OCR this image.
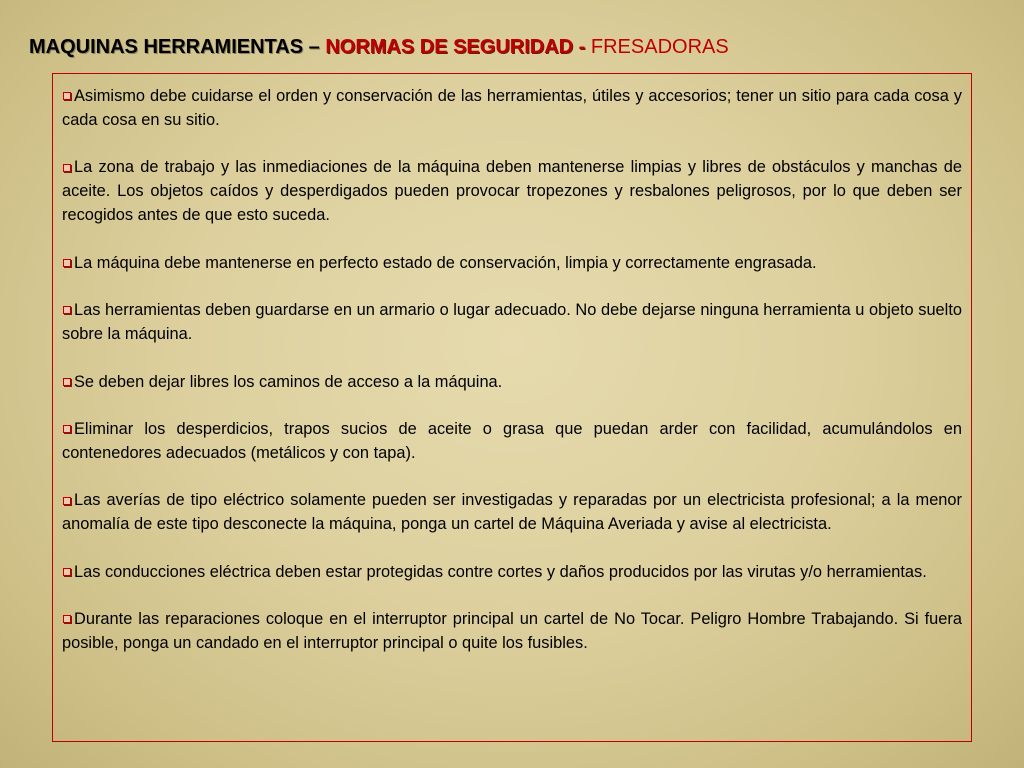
MAQUINAS HERRAMIENTAS – NORMAS DE SEGURIDAD - FRESADORAS
Asimismo debe cuidarse el orden y conservación de las herramientas, útiles y accesorios; tener un sitio para cada cosa y cada cosa en su sitio.
La zona de trabajo y las inmediaciones de la máquina deben mantenerse limpias y libres de obstáculos y manchas de aceite. Los objetos caídos y desperdigados pueden provocar tropezones y resbalones peligrosos, por lo que deben ser recogidos antes de que esto suceda.
La máquina debe mantenerse en perfecto estado de conservación, limpia y correctamente engrasada.
Las herramientas deben guardarse en un armario o lugar adecuado. No debe dejarse ninguna herramienta u objeto suelto sobre la máquina.
Se deben dejar libres los caminos de acceso a la máquina.
Eliminar los desperdicios, trapos sucios de aceite o grasa que puedan arder con facilidad, acumulándolos en contenedores adecuados (metálicos y con tapa).
Las averías de tipo eléctrico solamente pueden ser investigadas y reparadas por un electricista profesional; a la menor anomalía de este tipo desconecte la máquina, ponga un cartel de Máquina Averiada y avise al electricista.
Las conducciones eléctrica deben estar protegidas contre cortes y daños producidos por las virutas y/o herramientas.
Durante las reparaciones coloque en el interruptor principal un cartel de No Tocar. Peligro Hombre Trabajando. Si fuera posible, ponga un candado en el interruptor principal o quite los fusibles.
